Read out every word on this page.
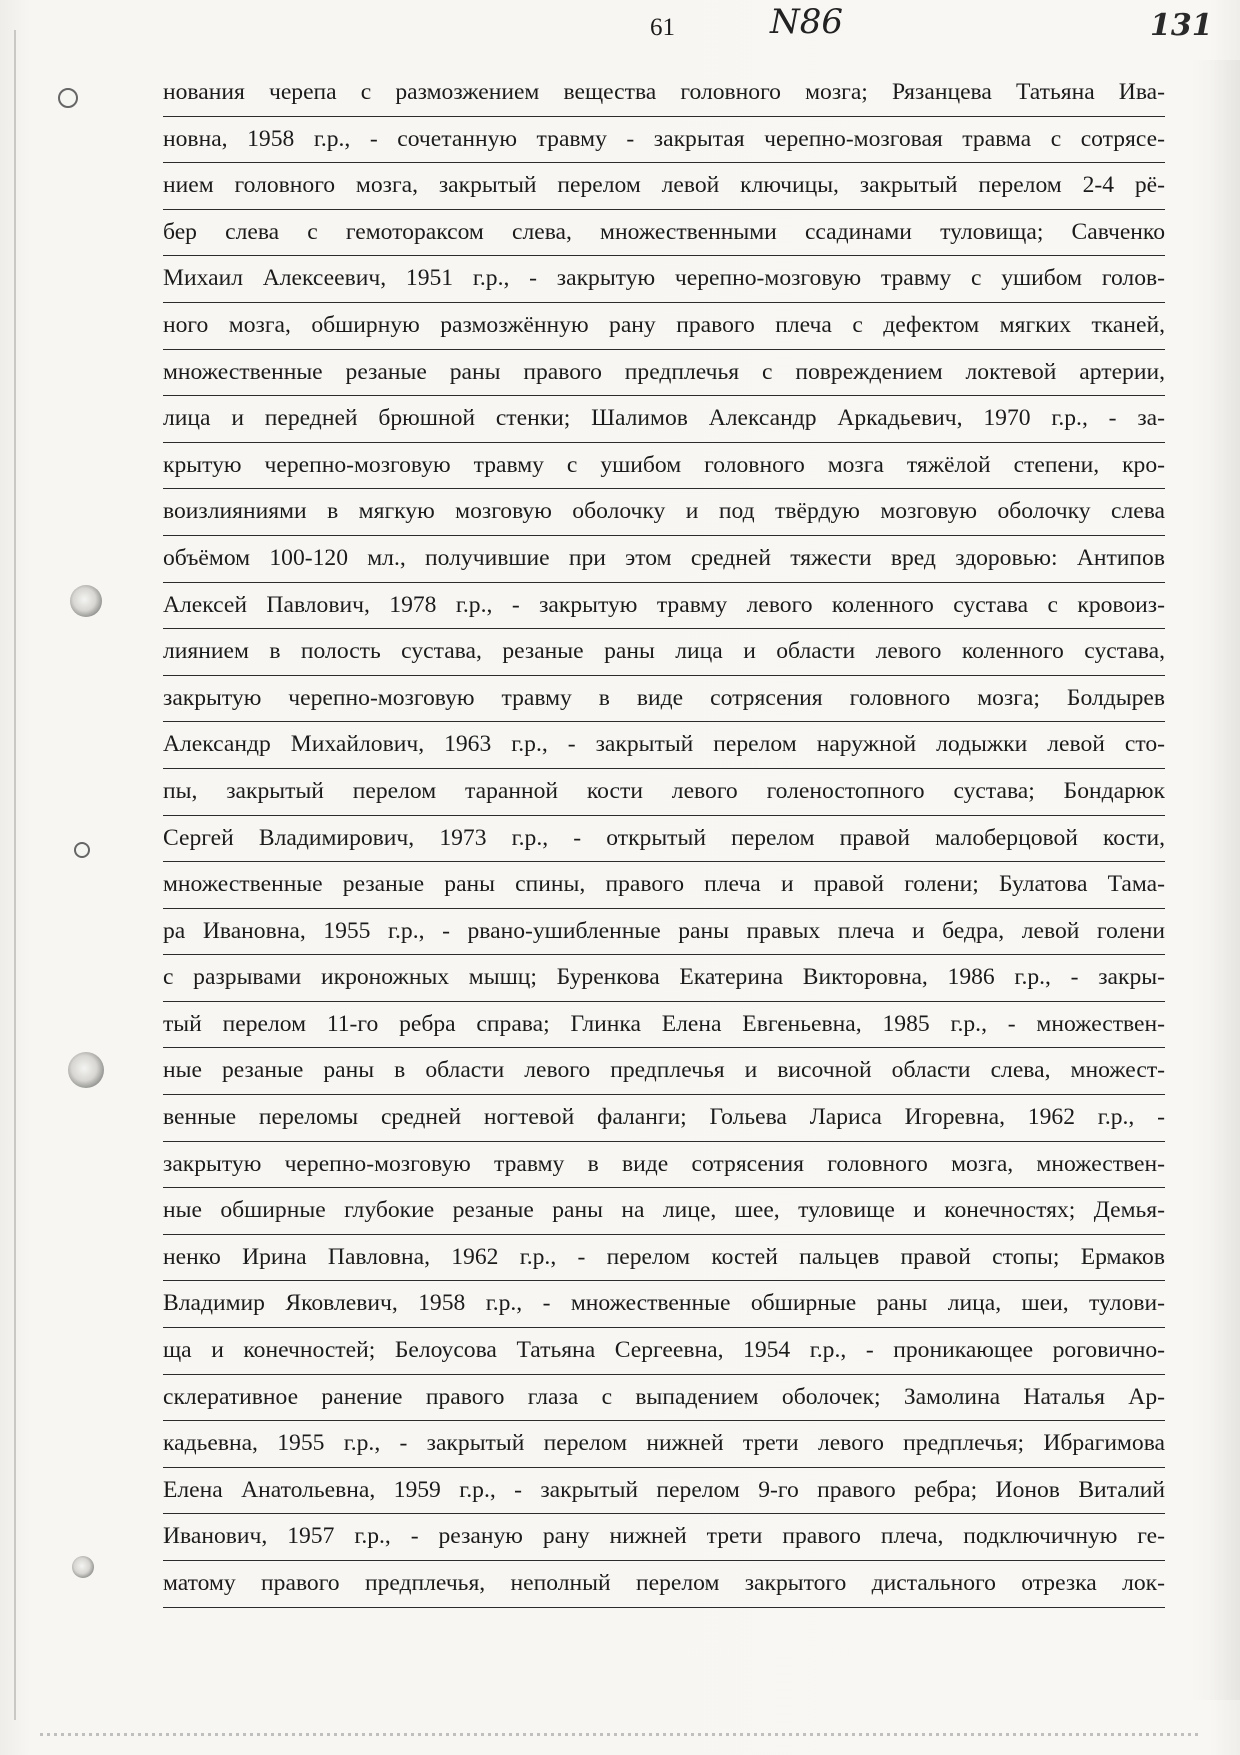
61	N86	131
нования черепа с размозжением вещества головного мозга; Рязанцева Татьяна Ива-
новна, 1958 г.р., - сочетанную травму - закрытая черепно-мозговая травма с сотрясе-
нием головного мозга, закрытый перелом левой ключицы, закрытый перелом 2-4 рё-
бер слева с гемотораксом слева, множественными ссадинами туловища; Савченко
Михаил Алексеевич, 1951 г.р., - закрытую черепно-мозговую травму с ушибом голов-
ного мозга, обширную размозжённую рану правого плеча с дефектом мягких тканей,
множественные резаные раны правого предплечья с повреждением локтевой артерии,
лица и передней брюшной стенки; Шалимов Александр Аркадьевич, 1970 г.р., - за-
крытую черепно-мозговую травму с ушибом головного мозга тяжёлой степени, кро-
воизлияниями в мягкую мозговую оболочку и под твёрдую мозговую оболочку слева
объёмом 100-120 мл., получившие при этом средней тяжести вред здоровью: Антипов
Алексей Павлович, 1978 г.р., - закрытую травму левого коленного сустава с кровоиз-
лиянием в полость сустава, резаные раны лица и области левого коленного сустава,
закрытую черепно-мозговую травму в виде сотрясения головного мозга; Болдырев
Александр Михайлович, 1963 г.р., - закрытый перелом наружной лодыжки левой сто-
пы, закрытый перелом таранной кости левого голеностопного сустава; Бондарюк
Сергей Владимирович, 1973 г.р., - открытый перелом правой малоберцовой кости,
множественные резаные раны спины, правого плеча и правой голени; Булатова Тама-
ра Ивановна, 1955 г.р., - рвано-ушибленные раны правых плеча и бедра, левой голени
с разрывами икроножных мышц; Буренкова Екатерина Викторовна, 1986 г.р., - закры-
тый перелом 11-го ребра справа; Глинка Елена Евгеньевна, 1985 г.р., - множествен-
ные резаные раны в области левого предплечья и височной области слева, множест-
венные переломы средней ногтевой фаланги; Гольева Лариса Игоревна, 1962 г.р., -
закрытую черепно-мозговую травму в виде сотрясения головного мозга, множествен-
ные обширные глубокие резаные раны на лице, шее, туловище и конечностях; Демья-
ненко Ирина Павловна, 1962 г.р., - перелом костей пальцев правой стопы; Ермаков
Владимир Яковлевич, 1958 г.р., - множественные обширные раны лица, шеи, тулови-
ща и конечностей; Белоусова Татьяна Сергеевна, 1954 г.р., - проникающее роговично-
склеративное ранение правого глаза с выпадением оболочек; Замолина Наталья Ар-
кадьевна, 1955 г.р., - закрытый перелом нижней трети левого предплечья; Ибрагимова
Елена Анатольевна, 1959 г.р., - закрытый перелом 9-го правого ребра; Ионов Виталий
Иванович, 1957 г.р., - резаную рану нижней трети правого плеча, подключичную ге-
матому правого предплечья, неполный перелом закрытого дистального отрезка лок-
